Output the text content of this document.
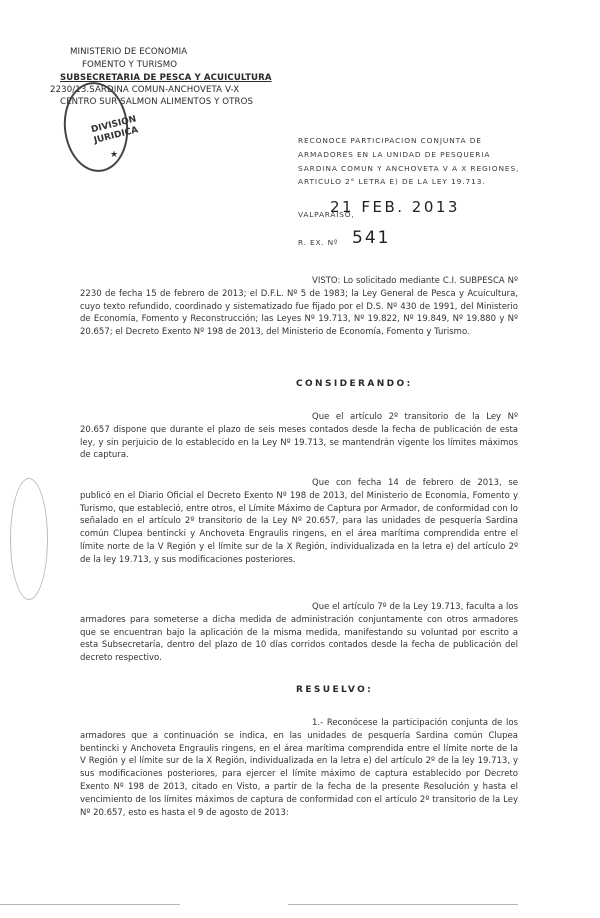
MINISTERIO DE ECONOMIA
FOMENTO Y TURISMO
SUBSECRETARIA DE PESCA Y ACUICULTURA
2230/13.SARDINA COMUN-ANCHOVETA V-X
CENTRO SUR SALMON ALIMENTOS Y OTROS
DIVISION JURIDICA
★
RECONOCE PARTICIPACION CONJUNTA DE ARMADORES EN LA UNIDAD DE PESQUERIA SARDINA COMUN Y ANCHOVETA V A X REGIONES, ARTICULO 2° LETRA E) DE LA LEY 19.713.
VALPARAISO,
21 FEB. 2013
R. EX. Nº 541
VISTO: Lo solicitado mediante C.I. SUBPESCA Nº 2230 de fecha 15 de febrero de 2013; el D.F.L. Nº 5 de 1983; la Ley General de Pesca y Acuicultura, cuyo texto refundido, coordinado y sistematizado fue fijado por el D.S. Nº 430 de 1991, del Ministerio de Economía, Fomento y Reconstrucción; las Leyes Nº 19.713, Nº 19.822, Nº 19.849, Nº 19.880 y Nº 20.657; el Decreto Exento Nº 198 de 2013, del Ministerio de Economía, Fomento y Turismo.
CONSIDERANDO:
Que el artículo 2º transitorio de la Ley Nº 20.657 dispone que durante el plazo de seis meses contados desde la fecha de publicación de esta ley, y sin perjuicio de lo establecido en la Ley Nº 19.713, se mantendrán vigente los límites máximos de captura.
Que con fecha 14 de febrero de 2013, se publicó en el Diario Oficial el Decreto Exento Nº 198 de 2013, del Ministerio de Economía, Fomento y Turismo, que estableció, entre otros, el Límite Máximo de Captura por Armador, de conformidad con lo señalado en el artículo 2º transitorio de la Ley Nº 20.657, para las unidades de pesquería Sardina común Clupea bentincki y Anchoveta Engraulis ringens, en el área marítima comprendida entre el límite norte de la V Región y el límite sur de la X Región, individualizada en la letra e) del artículo 2º de la ley 19.713, y sus modificaciones posteriores.
Que el artículo 7º de la Ley 19.713, faculta a los armadores para someterse a dicha medida de administración conjuntamente con otros armadores que se encuentran bajo la aplicación de la misma medida, manifestando su voluntad por escrito a esta Subsecretaría, dentro del plazo de 10 días corridos contados desde la fecha de publicación del decreto respectivo.
RESUELVO:
1.- Reconócese la participación conjunta de los armadores que a continuación se indica, en las unidades de pesquería Sardina común Clupea bentincki y Anchoveta Engraulis ringens, en el área marítima comprendida entre el límite norte de la V Región y el límite sur de la X Región, individualizada en la letra e) del artículo 2º de la ley 19.713, y sus modificaciones posteriores, para ejercer el límite máximo de captura establecido por Decreto Exento Nº 198 de 2013, citado en Visto, a partir de la fecha de la presente Resolución y hasta el vencimiento de los límites máximos de captura de conformidad con el artículo 2º transitorio de la Ley Nº 20.657, esto es hasta el 9 de agosto de 2013:
